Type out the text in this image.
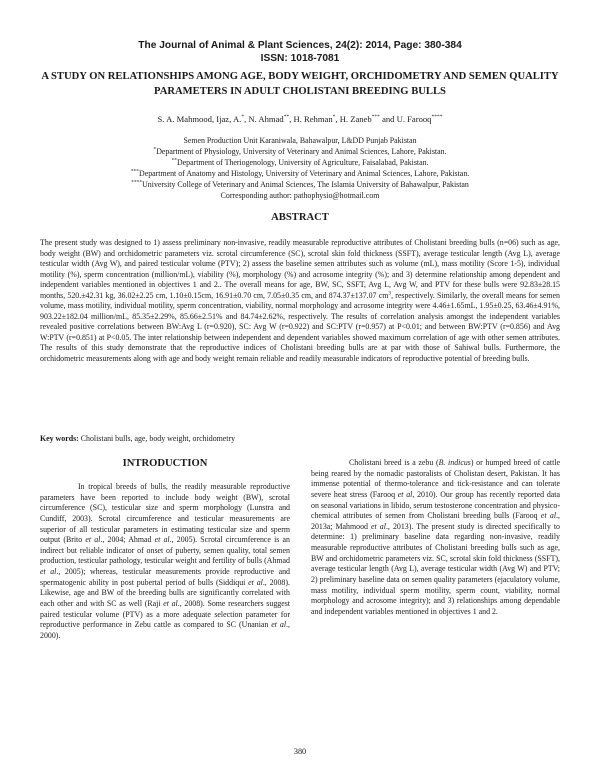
The Journal of Animal & Plant Sciences, 24(2): 2014, Page: 380-384
ISSN: 1018-7081
A STUDY ON RELATIONSHIPS AMONG AGE, BODY WEIGHT, ORCHIDOMETRY AND SEMEN QUALITY PARAMETERS IN ADULT CHOLISTANI BREEDING BULLS
S. A. Mahmood, Ijaz, A.*, N. Ahmad**, H. Rehman*, H. Zaneb*** and U. Farooq****
Semen Production Unit Karaniwala, Bahawalpur, L&DD Punjab Pakistan
*Department of Physiology, University of Veterinary and Animal Sciences, Lahore, Pakistan.
**Department of Theriogenology, University of Agriculture, Faisalabad, Pakistan.
***Department of Anatomy and Histology, University of Veterinary and Animal Sciences, Lahore, Pakistan.
****University College of Veterinary and Animal Sciences, The Islamia University of Bahawalpur, Pakistan
Corresponding author: pathophysio@hotmail.com
ABSTRACT

The present study was designed to 1) assess preliminary non-invasive, readily measurable reproductive attributes of Cholistani breeding bulls (n=06) such as age, body weight (BW) and orchidometric parameters viz. scrotal circumference (SC), scrotal skin fold thickness (SSFT), average testicular length (Avg L), average testicular width (Avg W), and paired testicular volume (PTV); 2) assess the baseline semen attributes such as volume (mL), mass motility (Score 1-5), individual motility (%), sperm concentration (million/mL), viability (%), morphology (%) and acrosome integrity (%); and 3) determine relationship among dependent and independent variables mentioned in objectives 1 and 2.. The overall means for age, BW, SC, SSFT, Avg L, Avg W, and PTV for these bulls were 92.83±28.15 months, 520.±42.31 kg, 36.02±2.25 cm, 1.10±0.15cm, 16.91±0.70 cm, 7.05±0.35 cm, and 874.37±137.07 $cm^3$, respectively. Similarly, the overall means for semen volume, mass motility, individual motility, sperm concentration, viability, normal morphology and acrosome integrity were 4.46±1.65mL, 1.95±0.25, 63.46±4.91%, 903.22±182.04 million/mL, 85.35±2.29%, 85.66±2.51% and 84.74±2.62%, respectively. The results of correlation analysis amongst the independent variables revealed positive correlations between BW:Avg L (r=0.920), SC: Avg W (r=0.922) and SC:PTV (r=0.957) at P<0.01; and between BW:PTV (r=0.856) and Avg W:PTV (r=0.851) at P<0.05. The inter relationship between independent and dependent variables showed maximum correlation of age with other semen attributes. The results of this study demonstrate that the reproductive indices of Cholistani breeding bulls are at par with those of Sahiwal bulls. Furthermore, the orchidometric measurements along with age and body weight remain reliable and readily measurable indicators of reproductive potential of breeding bulls.

Key words: Cholistani bulls, age, body weight, orchidometry

INTRODUCTION

In tropical breeds of bulls, the readily measurable reproductive parameters have been reported to include body weight (BW), scrotal circumference (SC), testicular size and sperm morphology (Lunstra and Cundiff, 2003). Scrotal circumference and testicular measurements are superior of all testicular parameters in estimating testicular size and sperm output (Brito et al., 2004; Ahmad et al., 2005). Scrotal circumference is an indirect but reliable indicator of onset of puberty, semen quality, total semen production, testicular pathology, testicular weight and fertility of bulls (Ahmad et al., 2005); whereas, testicular measurements provide reproductive and spermatogenic ability in post pubertal period of bulls (Siddiqui et al., 2008). Likewise, age and BW of the breeding bulls are significantly correlated with each other and with SC as well (Raji et al., 2008). Some researchers suggest paired testicular volume (PTV) as a more adequate selection parameter for reproductive performance in Zebu cattle as compared to SC (Unanian et al., 2000).

Cholistani breed is a zebu (B. indicus) or humped breed of cattle being reared by the nomadic pastoralists of Cholistan desert, Pakistan. It has immense potential of thermo-tolerance and tick-resistance and can tolerate severe heat stress (Farooq et al, 2010). Our group has recently reported data on seasonal variations in libido, serum testosterone concentration and physico-chemical attributes of semen from Cholistani breeding bulls (Farooq et al., 2013a; Mahmood et al., 2013). The present study is directed specifically to determine: 1) preliminary baseline data regarding non-invasive, readily measurable reproductive attributes of Cholistani breeding bulls such as age, BW and orchidometric parameters viz. SC, scrotal skin fold thickness (SSFT), average testicular length (Avg L), average testicular width (Avg W) and PTV; 2) preliminary baseline data on semen quality parameters (ejaculatory volume, mass motility, individual sperm motility, sperm count, viability, normal morphology and acrosome integrity); and 3) relationships among dependable and independent variables mentioned in objectives 1 and 2.

380
